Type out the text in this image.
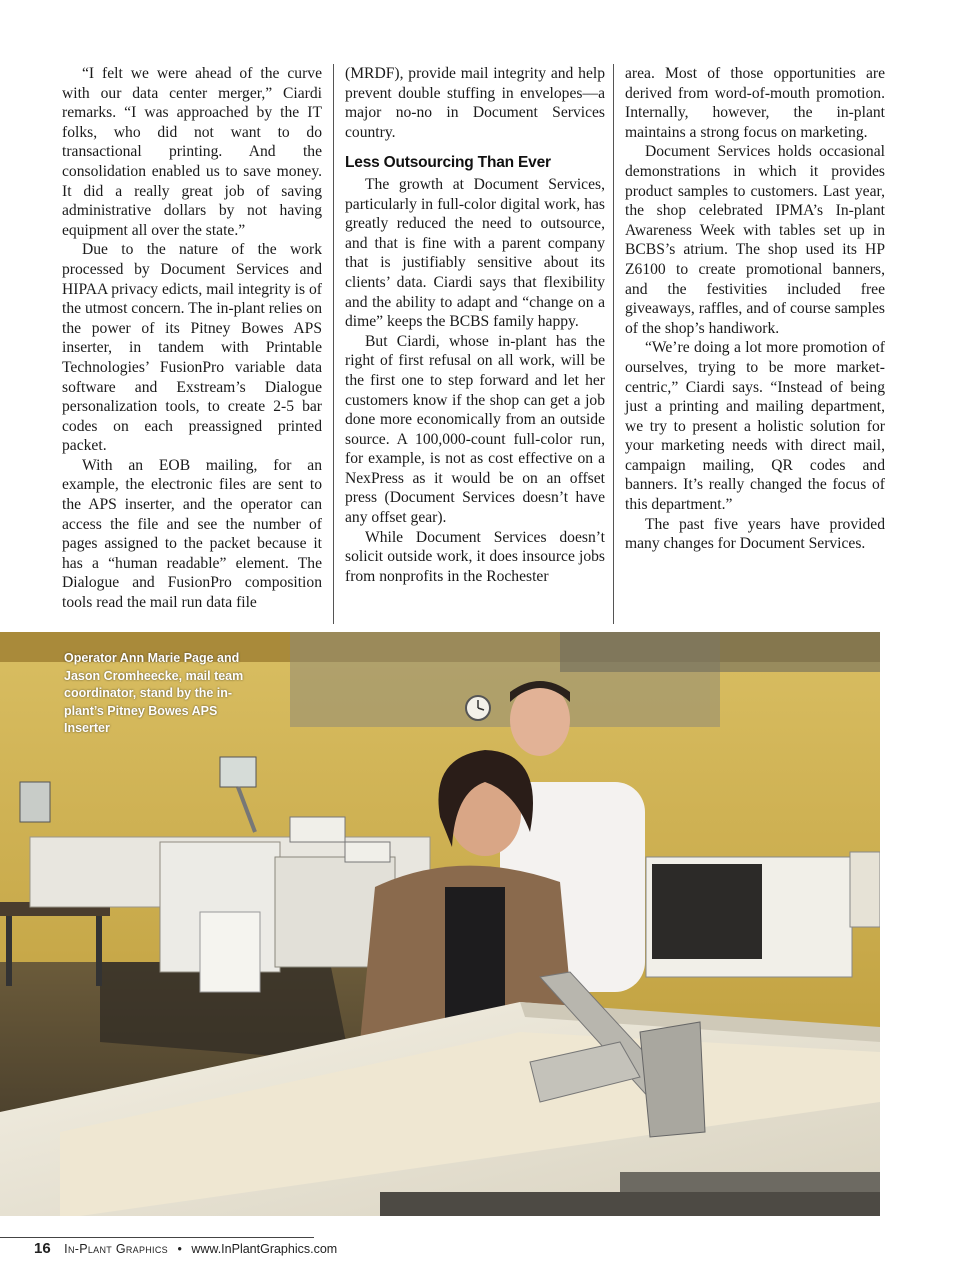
“I felt we were ahead of the curve with our data center merger,” Ciardi remarks. “I was approached by the IT folks, who did not want to do transactional printing. And the consolidation enabled us to save money. It did a really great job of saving administrative dollars by not having equipment all over the state.”

Due to the nature of the work processed by Document Services and HIPAA privacy edicts, mail integrity is of the utmost concern. The in-plant relies on the power of its Pitney Bowes APS inserter, in tandem with Printable Technologies’ FusionPro variable data software and Exstream’s Dialogue personalization tools, to create 2-5 bar codes on each preassigned printed packet.

With an EOB mailing, for an example, the electronic files are sent to the APS inserter, and the operator can access the file and see the number of pages assigned to the packet because it has a “human readable” element. The Dialogue and FusionPro composition tools read the mail run data file

(MRDF), provide mail integrity and help prevent double stuffing in envelopes—a major no-no in Document Services country.

Less Outsourcing Than Ever

The growth at Document Services, particularly in full-color digital work, has greatly reduced the need to outsource, and that is fine with a parent company that is justifiably sensitive about its clients’ data. Ciardi says that flexibility and the ability to adapt and “change on a dime” keeps the BCBS family happy.

But Ciardi, whose in-plant has the right of first refusal on all work, will be the first one to step forward and let her customers know if the shop can get a job done more economically from an outside source. A 100,000-count full-color run, for example, is not as cost effective on a NexPress as it would be on an offset press (Document Services doesn’t have any offset gear).

While Document Services doesn’t solicit outside work, it does insource jobs from nonprofits in the Rochester

area. Most of those opportunities are derived from word-of-mouth promotion. Internally, however, the in-plant maintains a strong focus on marketing.

Document Services holds occasional demonstrations in which it provides product samples to customers. Last year, the shop celebrated IPMA’s In-plant Awareness Week with tables set up in BCBS’s atrium. The shop used its HP Z6100 to create promotional banners, and the festivities included free giveaways, raffles, and of course samples of the shop’s handiwork.

“We’re doing a lot more promotion of ourselves, trying to be more market-centric,” Ciardi says. “Instead of being just a printing and mailing department, we try to present a holistic solution for your marketing needs with direct mail, campaign mailing, QR codes and banners. It’s really changed the focus of this department.”

The past five years have provided many changes for Document Services.

Operator Ann Marie Page and Jason Cromheecke, mail team coordinator, stand by the in-plant’s Pitney Bowes APS Inserter
16 In-Plant Graphics • www.InPlantGraphics.com
